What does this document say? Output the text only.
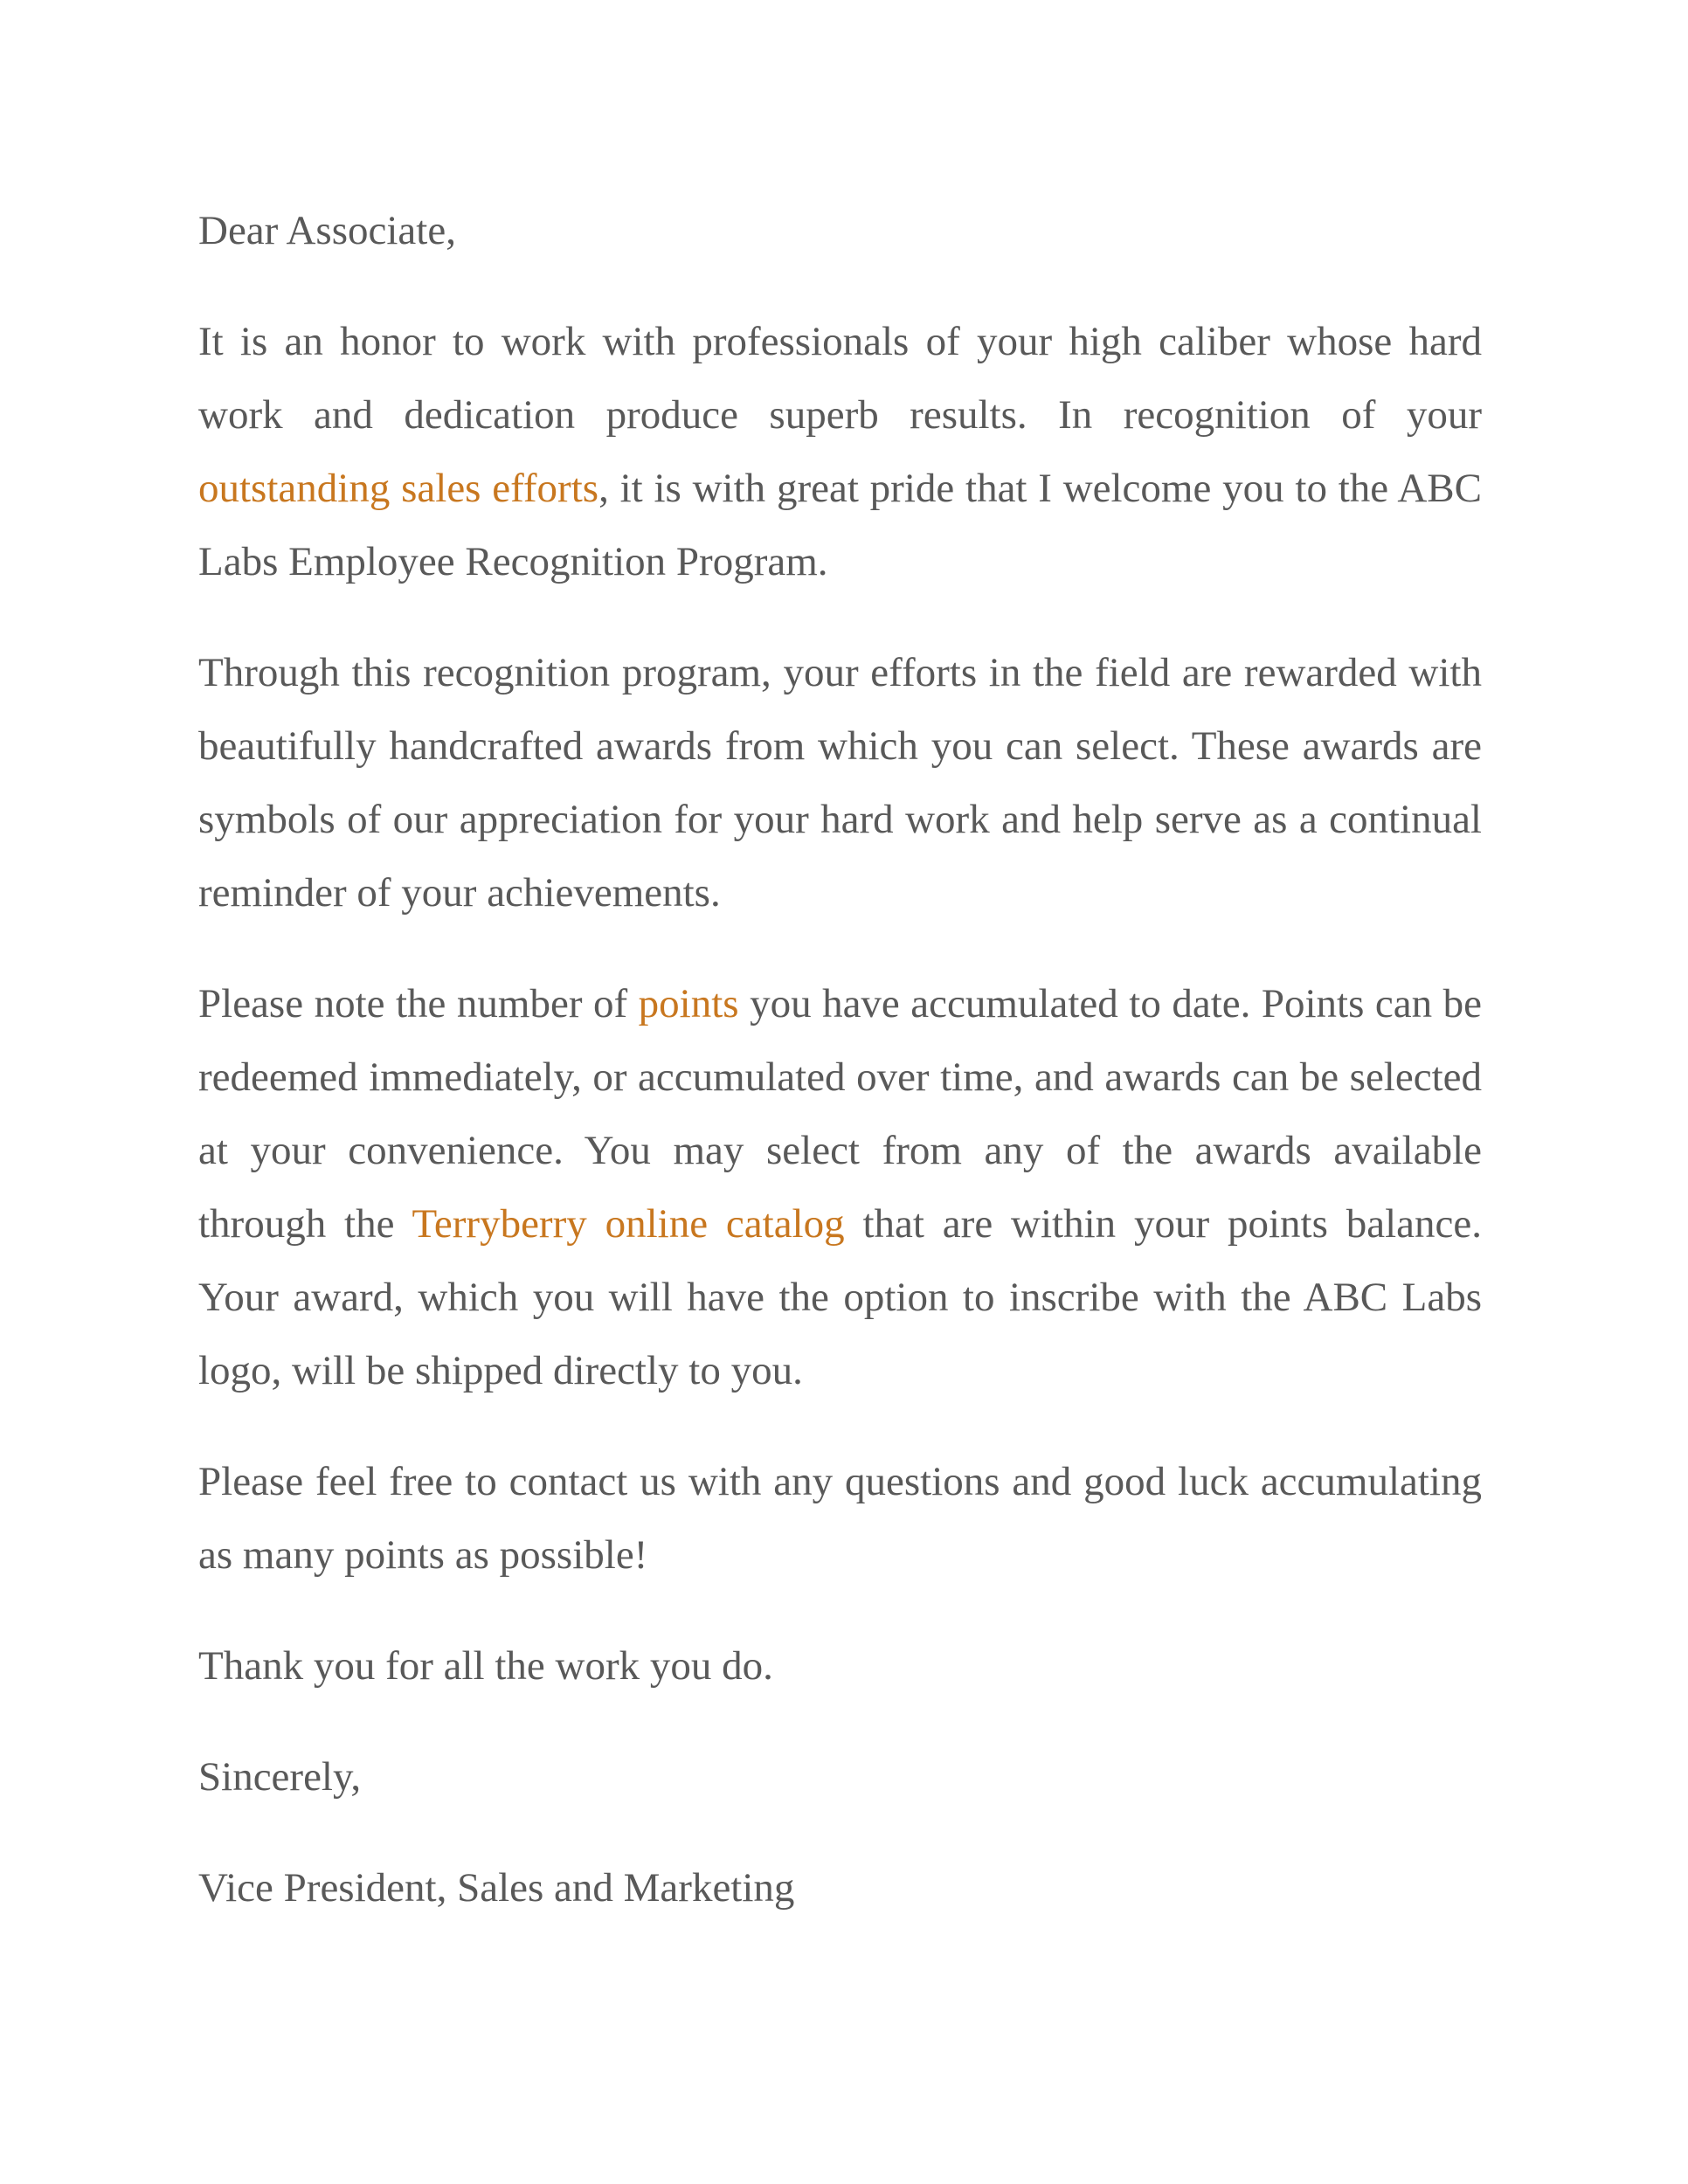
Dear Associate,

It is an honor to work with professionals of your high caliber whose hard work and dedication produce superb results. In recognition of your outstanding sales efforts, it is with great pride that I welcome you to the ABC Labs Employee Recognition Program.

Through this recognition program, your efforts in the field are rewarded with beautifully handcrafted awards from which you can select. These awards are symbols of our appreciation for your hard work and help serve as a continual reminder of your achievements.

Please note the number of points you have accumulated to date. Points can be redeemed immediately, or accumulated over time, and awards can be selected at your convenience. You may select from any of the awards available through the Terryberry online catalog that are within your points balance. Your award, which you will have the option to inscribe with the ABC Labs logo, will be shipped directly to you.

Please feel free to contact us with any questions and good luck accumulating as many points as possible!

Thank you for all the work you do.

Sincerely,

Vice President, Sales and Marketing
